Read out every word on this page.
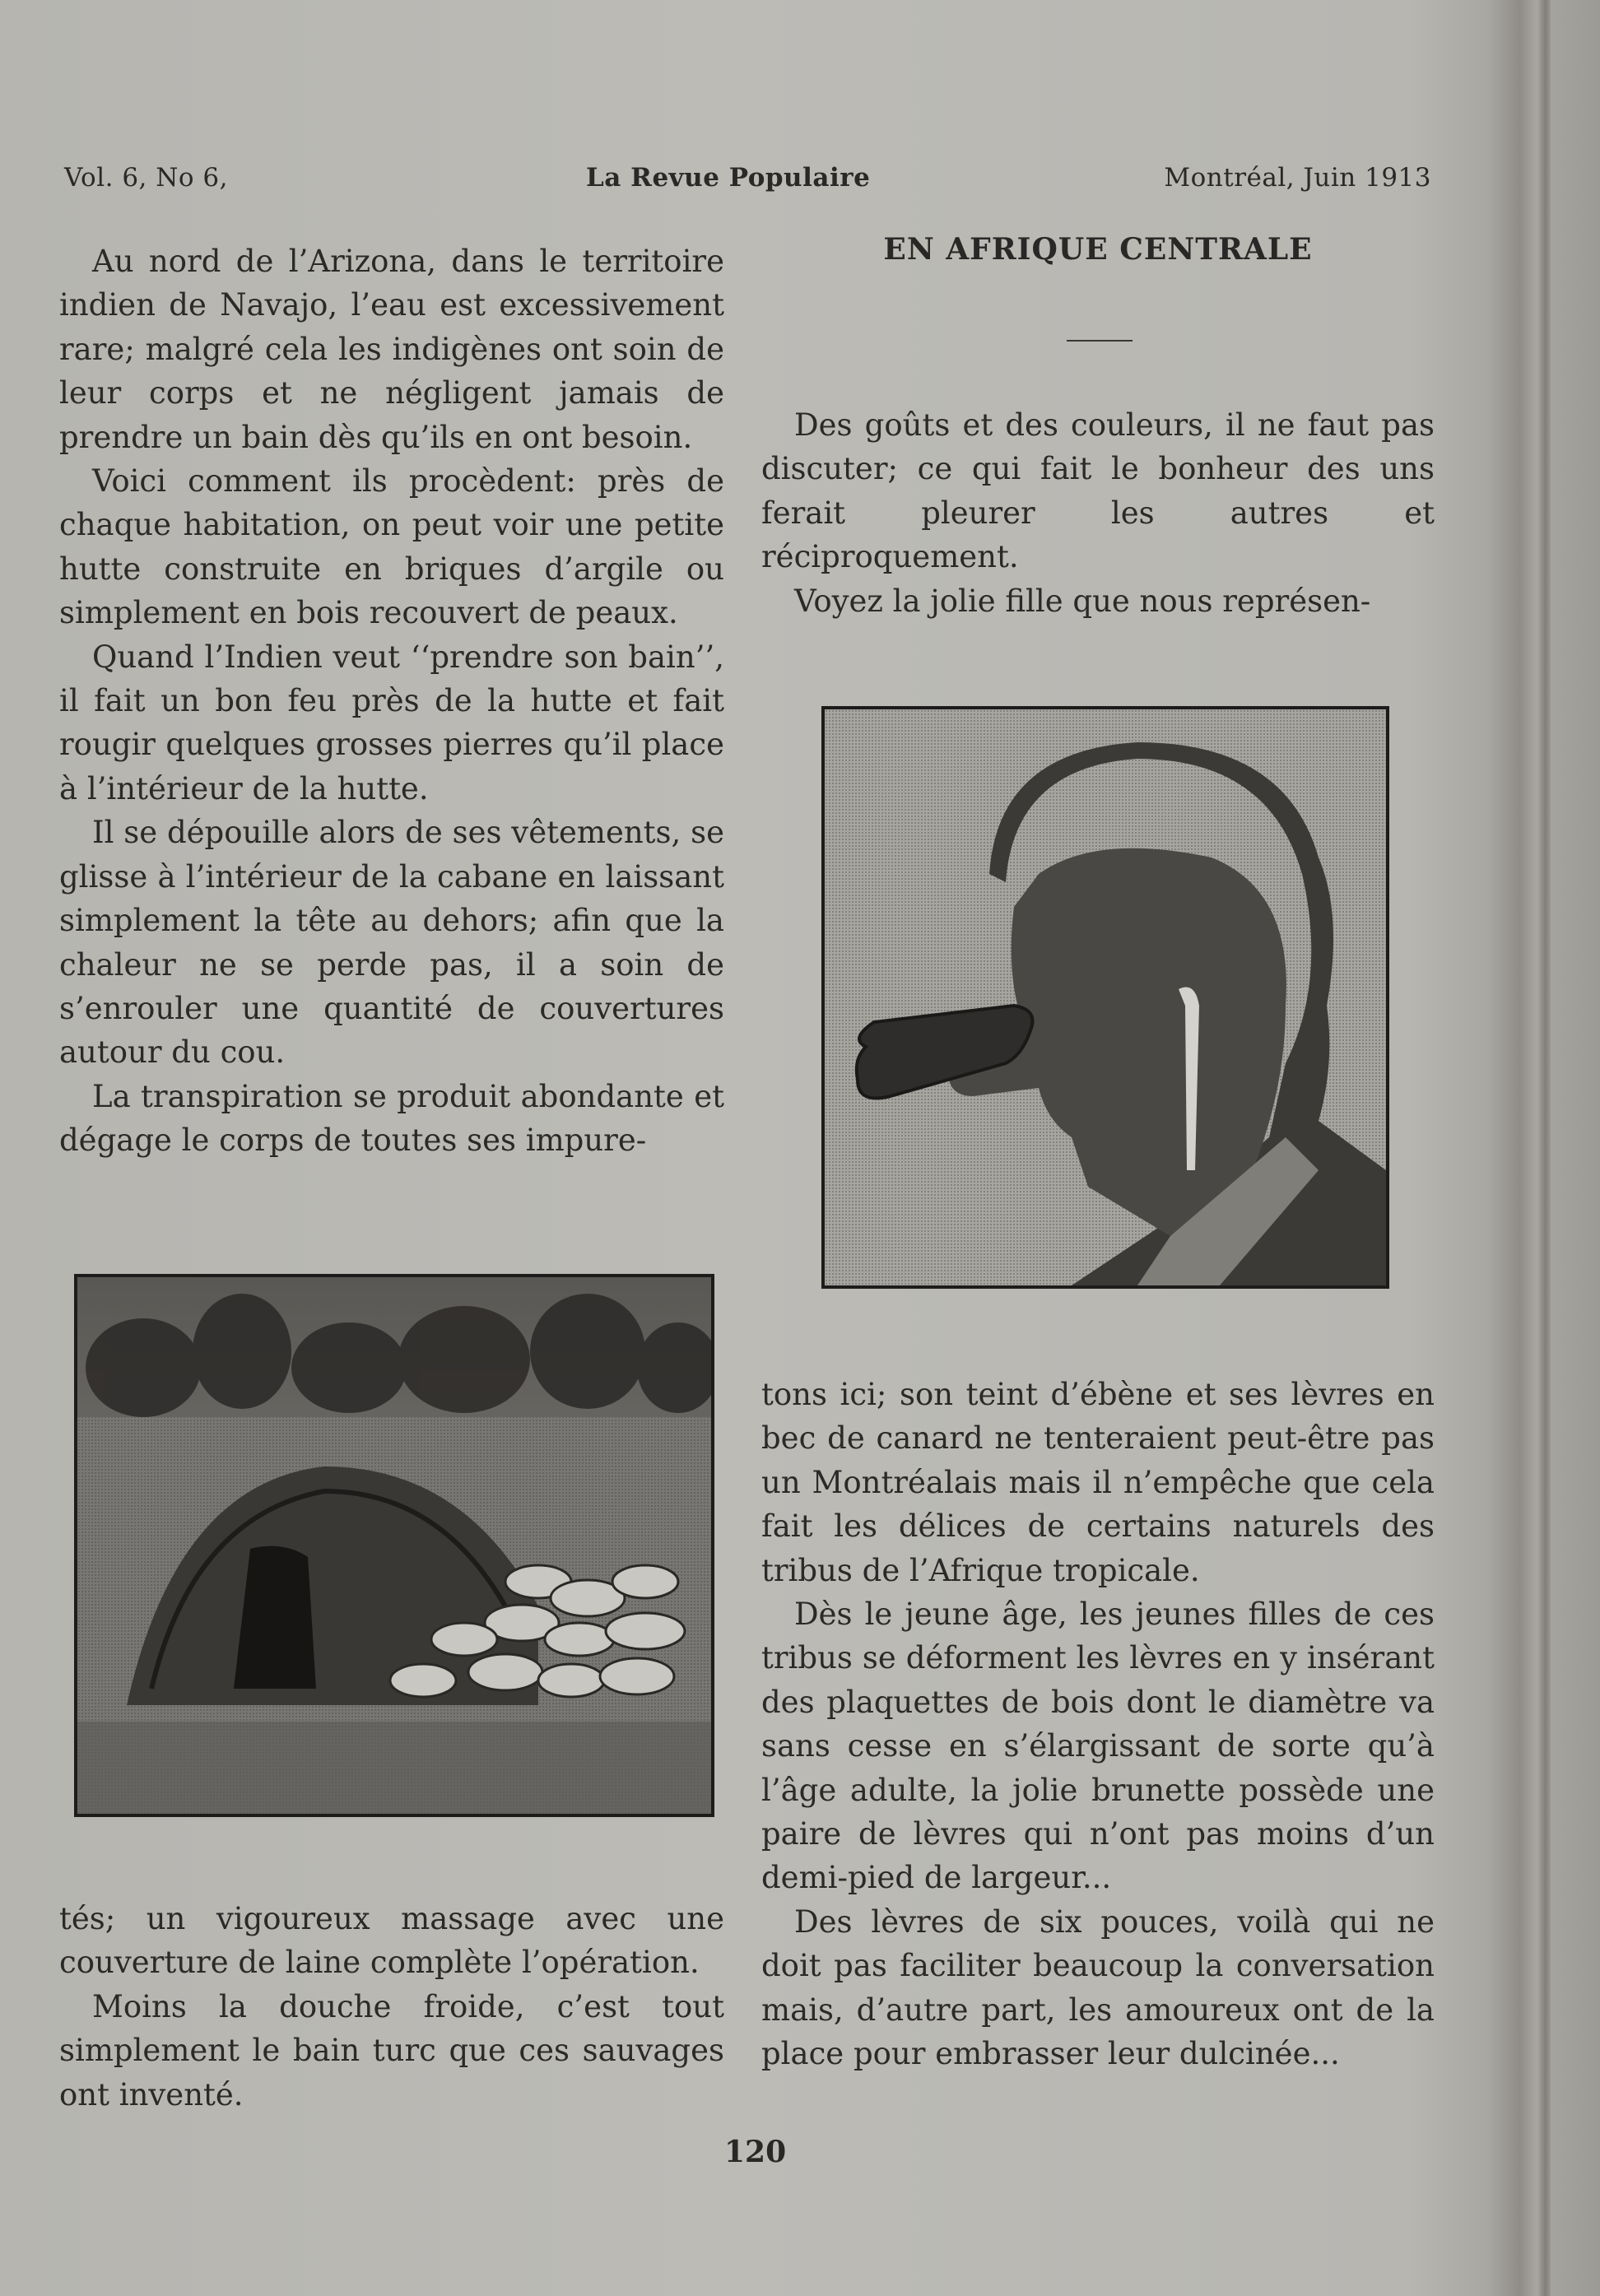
Vol. 6, No 6,	La Revue Populaire	Montréal, Juin 1913

Au nord de l’Arizona, dans le territoire indien de Navajo, l’eau est excessivement rare; malgré cela les indigènes ont soin de leur corps et ne négligent jamais de prendre un bain dès qu’ils en ont besoin.

Voici comment ils procèdent: près de chaque habitation, on peut voir une petite hutte construite en briques d’argile ou simplement en bois recouvert de peaux.

Quand l’Indien veut ‘‘prendre son bain’’, il fait un bon feu près de la hutte et fait rougir quelques grosses pierres qu’il place à l’intérieur de la hutte.

Il se dépouille alors de ses vêtements, se glisse à l’intérieur de la cabane en laissant simplement la tête au dehors; afin que la chaleur ne se perde pas, il a soin de s’enrouler une quantité de couvertures autour du cou.

La transpiration se produit abondante et dégage le corps de toutes ses impure-

tés; un vigoureux massage avec une couverture de laine complète l’opération.

Moins la douche froide, c’est tout simplement le bain turc que ces sauvages ont inventé.

EN AFRIQUE CENTRALE

Des goûts et des couleurs, il ne faut pas discuter; ce qui fait le bonheur des uns ferait pleurer les autres et réciproquement.

Voyez la jolie fille que nous représen-

tons ici; son teint d’ébène et ses lèvres en bec de canard ne tenteraient peut-être pas un Montréalais mais il n’empêche que cela fait les délices de certains naturels des tribus de l’Afrique tropicale.

Dès le jeune âge, les jeunes filles de ces tribus se déforment les lèvres en y insérant des plaquettes de bois dont le diamètre va sans cesse en s’élargissant de sorte qu’à l’âge adulte, la jolie brunette possède une paire de lèvres qui n’ont pas moins d’un demi-pied de largeur...

Des lèvres de six pouces, voilà qui ne doit pas faciliter beaucoup la conversation mais, d’autre part, les amoureux ont de la place pour embrasser leur dulcinée...

120
